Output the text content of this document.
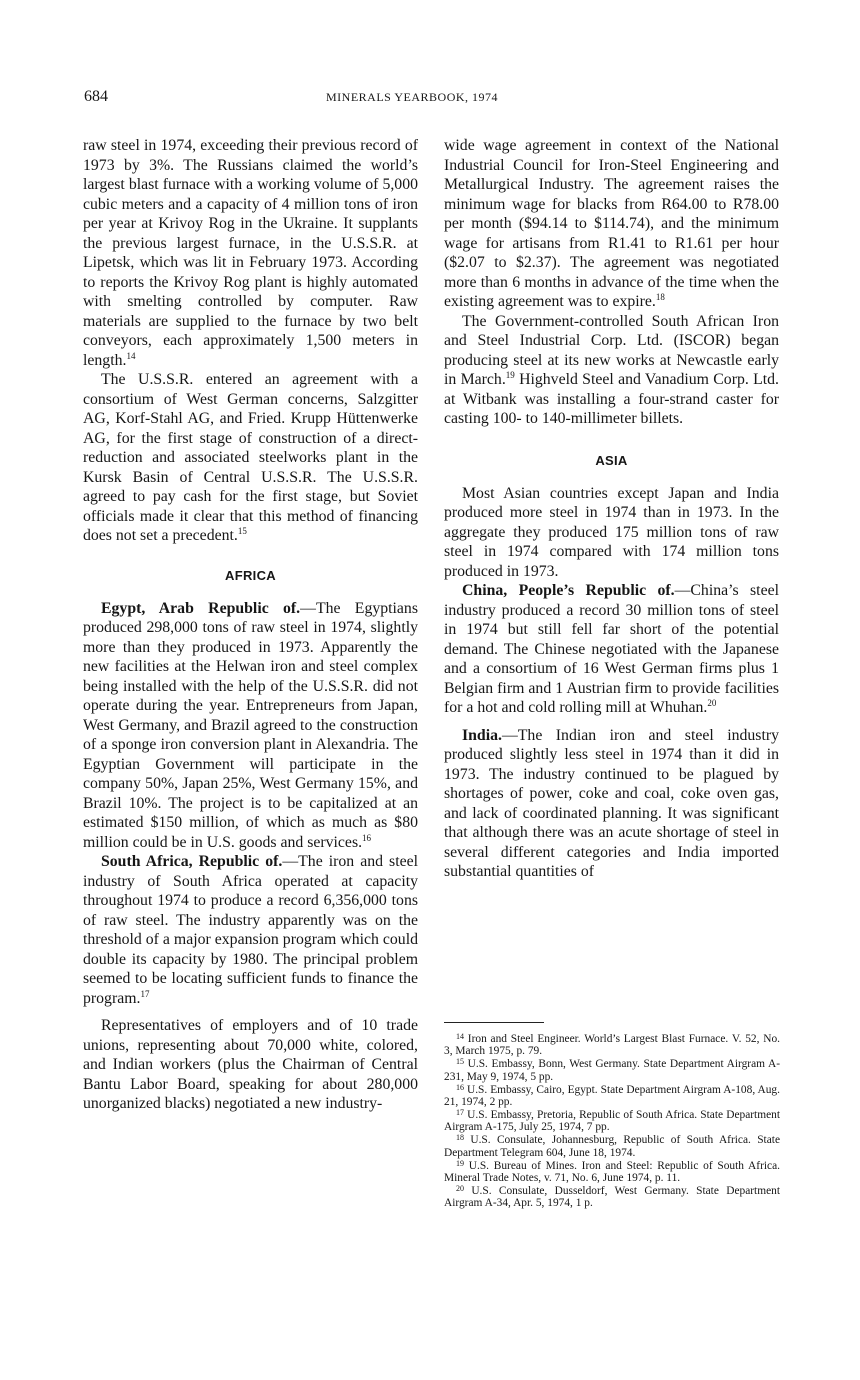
684	MINERALS YEARBOOK, 1974

raw steel in 1974, exceeding their previous record of 1973 by 3%. The Russians claimed the world’s largest blast furnace with a working volume of 5,000 cubic meters and a capacity of 4 million tons of iron per year at Krivoy Rog in the Ukraine. It supplants the previous largest furnace, in the U.S.S.R. at Lipetsk, which was lit in February 1973. According to reports the Krivoy Rog plant is highly automated with smelting controlled by computer. Raw materials are supplied to the furnace by two belt conveyors, each approximately 1,500 meters in length.$^{14}$

The U.S.S.R. entered an agreement with a consortium of West German concerns, Salzgitter AG, Korf-Stahl AG, and Fried. Krupp Hüttenwerke AG, for the first stage of construction of a direct-reduction and associated steelworks plant in the Kursk Basin of Central U.S.S.R. The U.S.S.R. agreed to pay cash for the first stage, but Soviet officials made it clear that this method of financing does not set a precedent.$^{15}$

AFRICA

Egypt, Arab Republic of.—The Egyptians produced 298,000 tons of raw steel in 1974, slightly more than they produced in 1973. Apparently the new facilities at the Helwan iron and steel complex being installed with the help of the U.S.S.R. did not operate during the year. Entrepreneurs from Japan, West Germany, and Brazil agreed to the construction of a sponge iron conversion plant in Alexandria. The Egyptian Government will participate in the company 50%, Japan 25%, West Germany 15%, and Brazil 10%. The project is to be capitalized at an estimated $150 million, of which as much as $80 million could be in U.S. goods and services.$^{16}$

South Africa, Republic of.—The iron and steel industry of South Africa operated at capacity throughout 1974 to produce a record 6,356,000 tons of raw steel. The industry apparently was on the threshold of a major expansion program which could double its capacity by 1980. The principal problem seemed to be locating sufficient funds to finance the program.$^{17}$

Representatives of employers and of 10 trade unions, representing about 70,000 white, colored, and Indian workers (plus the Chairman of Central Bantu Labor Board, speaking for about 280,000 unorganized blacks) negotiated a new industry-

wide wage agreement in context of the National Industrial Council for Iron-Steel Engineering and Metallurgical Industry. The agreement raises the minimum wage for blacks from R64.00 to R78.00 per month ($94.14 to $114.74), and the minimum wage for artisans from R1.41 to R1.61 per hour ($2.07 to $2.37). The agreement was negotiated more than 6 months in advance of the time when the existing agreement was to expire.$^{18}$

The Government-controlled South African Iron and Steel Industrial Corp. Ltd. (ISCOR) began producing steel at its new works at Newcastle early in March.$^{19}$ Highveld Steel and Vanadium Corp. Ltd. at Witbank was installing a four-strand caster for casting 100- to 140-millimeter billets.

ASIA

Most Asian countries except Japan and India produced more steel in 1974 than in 1973. In the aggregate they produced 175 million tons of raw steel in 1974 compared with 174 million tons produced in 1973.

China, People’s Republic of.—China’s steel industry produced a record 30 million tons of steel in 1974 but still fell far short of the potential demand. The Chinese negotiated with the Japanese and a consortium of 16 West German firms plus 1 Belgian firm and 1 Austrian firm to provide facilities for a hot and cold rolling mill at Whuhan.$^{20}$

India.—The Indian iron and steel industry produced slightly less steel in 1974 than it did in 1973. The industry continued to be plagued by shortages of power, coke and coal, coke oven gas, and lack of coordinated planning. It was significant that although there was an acute shortage of steel in several different categories and India imported substantial quantities of

$^{14}$ Iron and Steel Engineer. World’s Largest Blast Furnace. V. 52, No. 3, March 1975, p. 79.

$^{15}$ U.S. Embassy, Bonn, West Germany. State Department Airgram A-231, May 9, 1974, 5 pp.

$^{16}$ U.S. Embassy, Cairo, Egypt. State Department Airgram A-108, Aug. 21, 1974, 2 pp.

$^{17}$ U.S. Embassy, Pretoria, Republic of South Africa. State Department Airgram A-175, July 25, 1974, 7 pp.

$^{18}$ U.S. Consulate, Johannesburg, Republic of South Africa. State Department Telegram 604, June 18, 1974.

$^{19}$ U.S. Bureau of Mines. Iron and Steel: Republic of South Africa. Mineral Trade Notes, v. 71, No. 6, June 1974, p. 11.

$^{20}$ U.S. Consulate, Dusseldorf, West Germany. State Department Airgram A-34, Apr. 5, 1974, 1 p.
